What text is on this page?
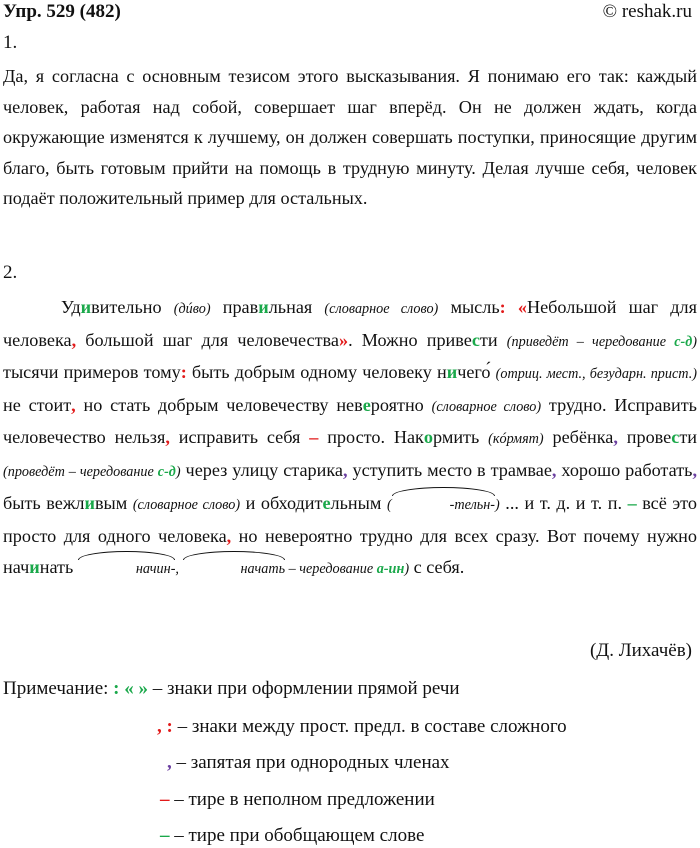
Упр. 529 (482)	© reshak.ru
1.
Да, я согласна с основным тезисом этого высказывания. Я понимаю его так: каждый человек, работая над собой, совершает шаг вперёд. Он не должен ждать, когда окружающие изменятся к лучшему, он должен совершать поступки, приносящие другим благо, быть готовым прийти на помощь в трудную минуту. Делая лучше себя, человек подаёт положительный пример для остальных.
2.
Удивительно (дúво) правильная (словарное слово) мысль: «Небольшой шаг для человека, большой шаг для человечества». Можно привести (приведёт – чередование с-д) тысячи примеров тому: быть добрым одному человеку ничего́ (отриц. мест., безударн. прист.) не стоит, но стать добрым человечеству невероятно (словарное слово) трудно. Исправить человечество нельзя, исправить себя – просто. Накормить (кóрмят) ребёнка, провести (проведёт – чередование с-д) через улицу старика, уступить место в трамвае, хорошо работать, быть вежливым (словарное слово) и обходительным (	-тельн-) ... и т. д. и т. п. – всё это просто для одного человека, но невероятно трудно для всех сразу. Вот почему нужно начинать	начин-,	начать – чередование а-ин) с себя.
(Д. Лихачёв)
Примечание: : « » – знаки при оформлении прямой речи
, : – знаки между прост. предл. в составе сложного
, – запятая при однородных членах
– – тире в неполном предложении
– – тире при обобщающем слове
